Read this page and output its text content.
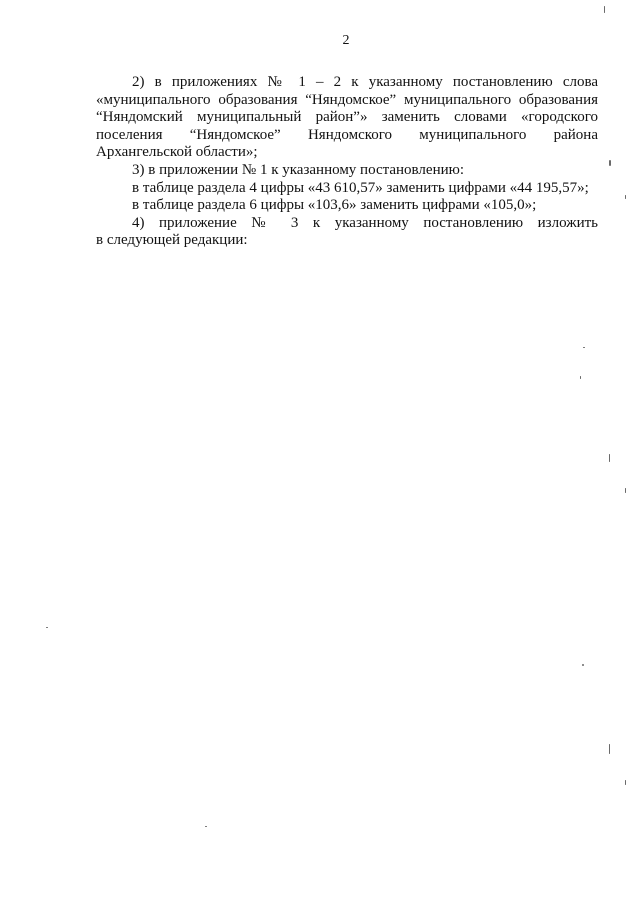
2
2) в приложениях № 1 – 2 к указанному постановлению слова
«муниципального образования “Няндомское” муниципального образования
“Няндомский муниципальный район”» заменить словами «городского
поселения “Няндомское” Няндомского муниципального района
Архангельской области»;
3) в приложении № 1 к указанному постановлению:
в таблице раздела 4 цифры «43 610,57» заменить цифрами «44 195,57»;
в таблице раздела 6 цифры «103,6» заменить цифрами «105,0»;
4) приложение № 3 к указанному постановлению изложить
в следующей редакции:
